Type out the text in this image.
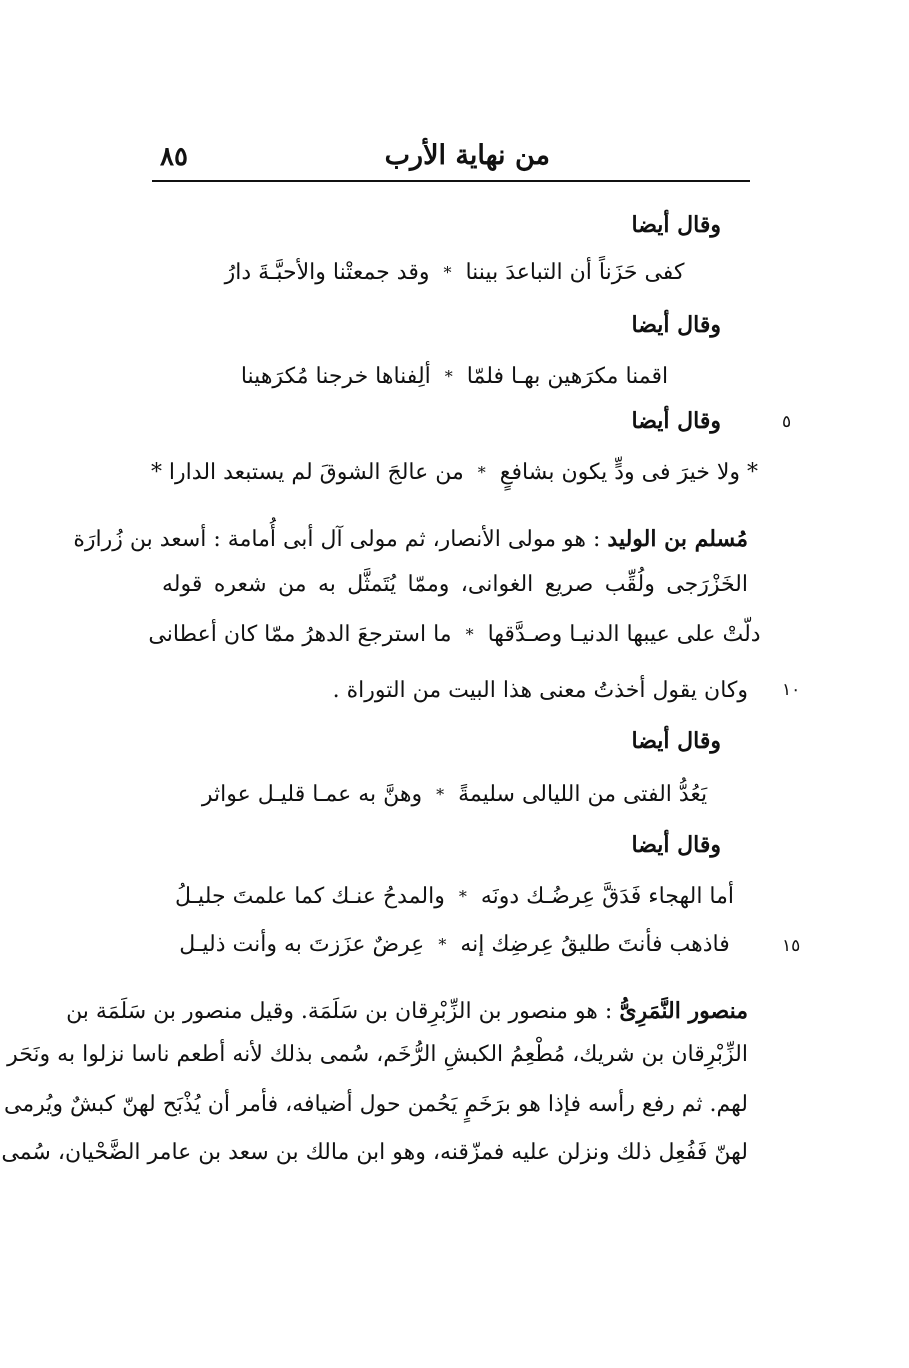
من نهاية الأرب
٨٥
٥
١٠
١٥
وقال أيضا
كفى حَزَناً أن التباعدَ بيننا*وقد جمعتْنا والأحبَّـةَ دارُ
وقال أيضا
اقمنا مكرَهين بهـا فلمّا*ألِفناها خرجنا مُكرَهينا
وقال أيضا
* ولا خيرَ فى ودٍّ يكون بشافعٍ*من عالجَ الشوقَ لم يستبعد الدارا *
مُسلم بن الوليد : هو مولى الأنصار، ثم مولى آل أبى أُمامة : أسعد بن زُرارَة
الخَزْرَجى ولُقِّب صريع الغوانى، وممّا يُتَمثَّل به من شعره قوله
دلّتْ على عيبها الدنيـا وصـدَّقها*ما استرجعَ الدهرُ ممّا كان أعطانى
وكان يقول أخذتُ معنى هذا البيت من التوراة .
وقال أيضا
يَعُدُّ الفتى من الليالى سليمةً*وهنَّ به عمـا قليـل عواثر
وقال أيضا
أما الهجاء فَدَقَّ عِرضُـك دونَه*والمدحُ عنـك كما علمتَ جليـلُ
فاذهب فأنتَ طليقُ عِرضِك إنه*عِرضٌ عزَزتَ به وأنت ذليـل
منصور النَّمَرِىُّ : هو منصور بن الزِّبْرِقان بن سَلَمَة. وقيل منصور بن سَلَمَة بن
الزِّبْرِقان بن شريك، مُطْعِمُ الكبشِ الرُّخَم، سُمى بذلك لأنه أطعم ناسا نزلوا به ونَحَر
لهم. ثم رفع رأسه فإذا هو برَخَمٍ يَحُمن حول أضيافه، فأمر أن يُذْبَح لهنّ كبشٌ ويُرمى
لهنّ فَفُعِل ذلك ونزلن عليه فمزّقنه، وهو ابن مالك بن سعد بن عامر الضَّحْيان، سُمى
